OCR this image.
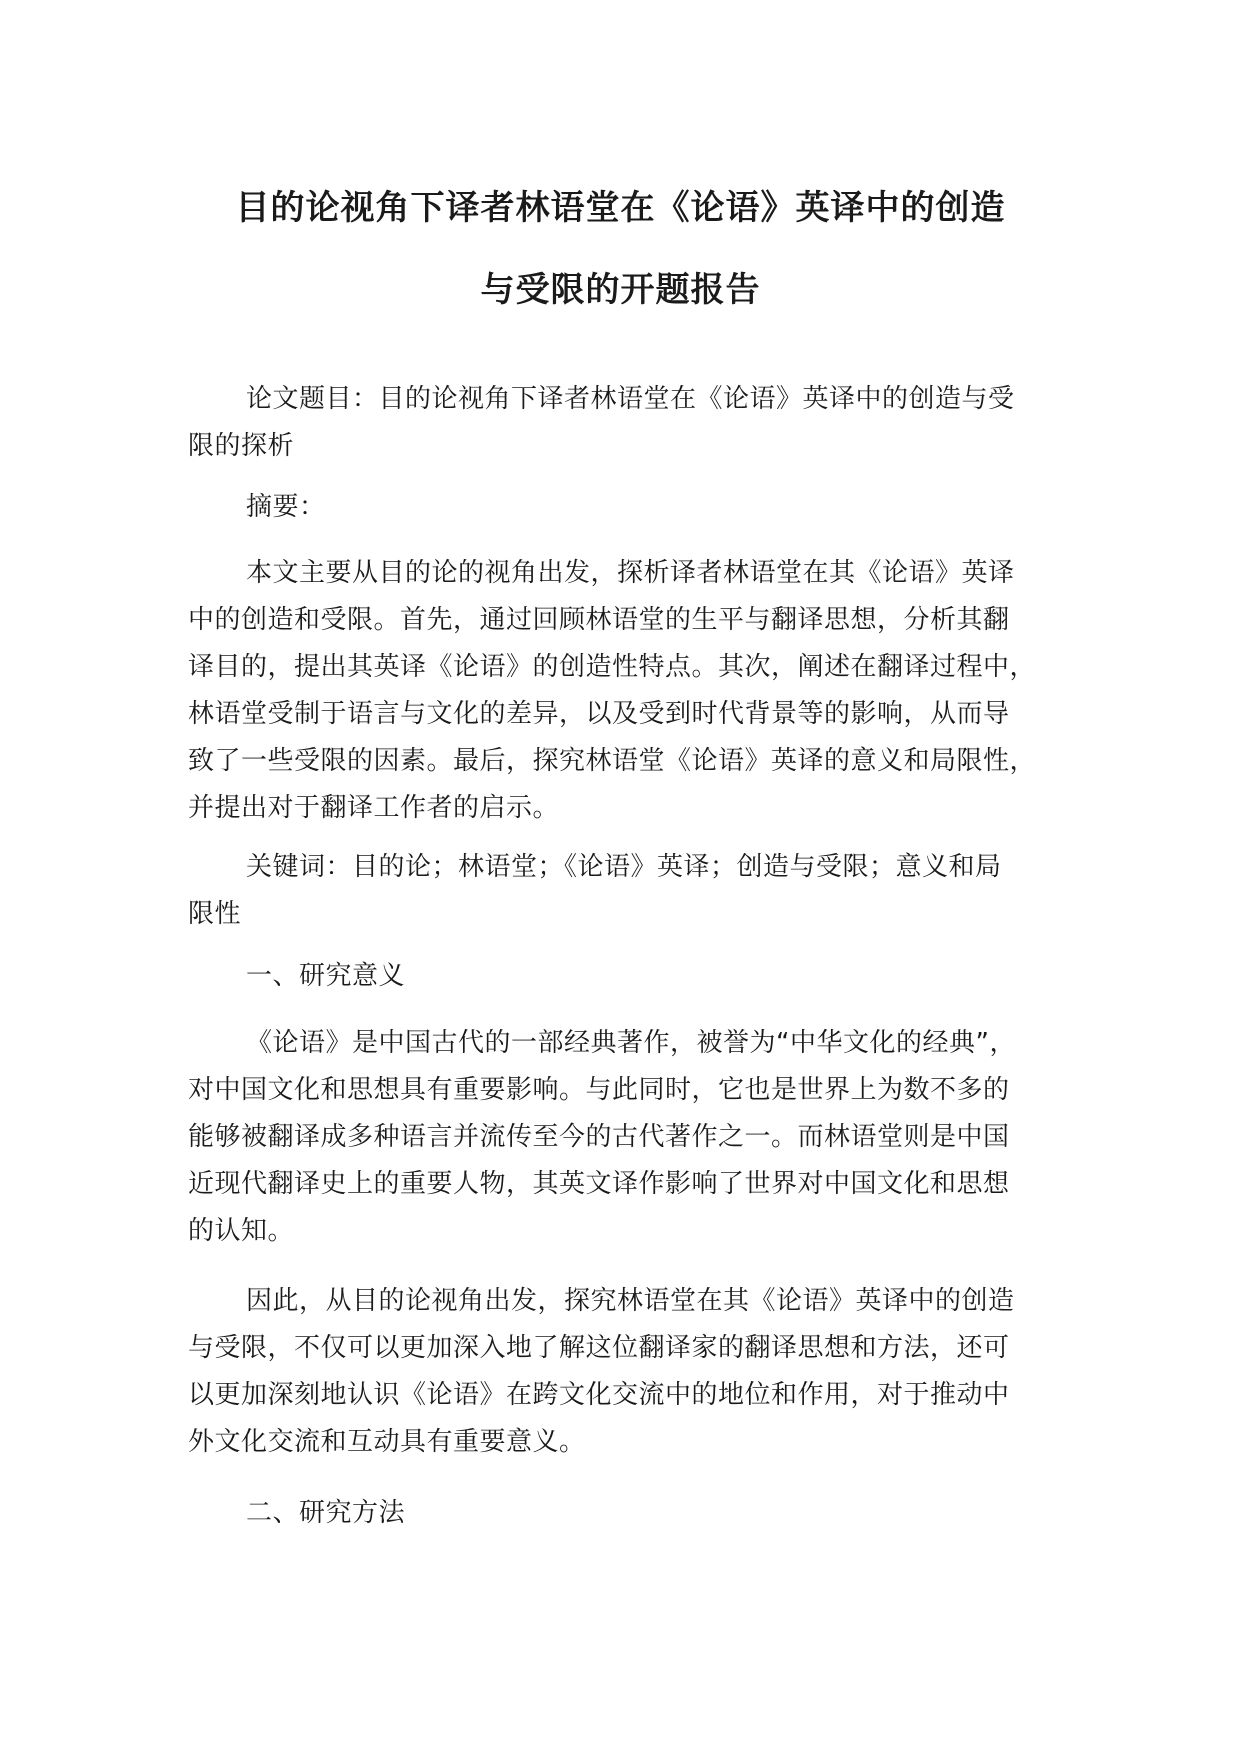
目的论视角下译者林语堂在《论语》英译中的创造
与受限的开题报告
论文题目：目的论视角下译者林语堂在《论语》英译中的创造与受
限的探析
摘要：
本文主要从目的论的视角出发，探析译者林语堂在其《论语》英译
中的创造和受限。首先，通过回顾林语堂的生平与翻译思想，分析其翻
译目的，提出其英译《论语》的创造性特点。其次，阐述在翻译过程中，
林语堂受制于语言与文化的差异，以及受到时代背景等的影响，从而导
致了一些受限的因素。最后，探究林语堂《论语》英译的意义和局限性，
并提出对于翻译工作者的启示。
关键词：目的论；林语堂；《论语》英译；创造与受限；意义和局
限性
一、研究意义
《论语》是中国古代的一部经典著作，被誉为“中华文化的经典”，
对中国文化和思想具有重要影响。与此同时，它也是世界上为数不多的
能够被翻译成多种语言并流传至今的古代著作之一。而林语堂则是中国
近现代翻译史上的重要人物，其英文译作影响了世界对中国文化和思想
的认知。
因此，从目的论视角出发，探究林语堂在其《论语》英译中的创造
与受限，不仅可以更加深入地了解这位翻译家的翻译思想和方法，还可
以更加深刻地认识《论语》在跨文化交流中的地位和作用，对于推动中
外文化交流和互动具有重要意义。
二、研究方法
